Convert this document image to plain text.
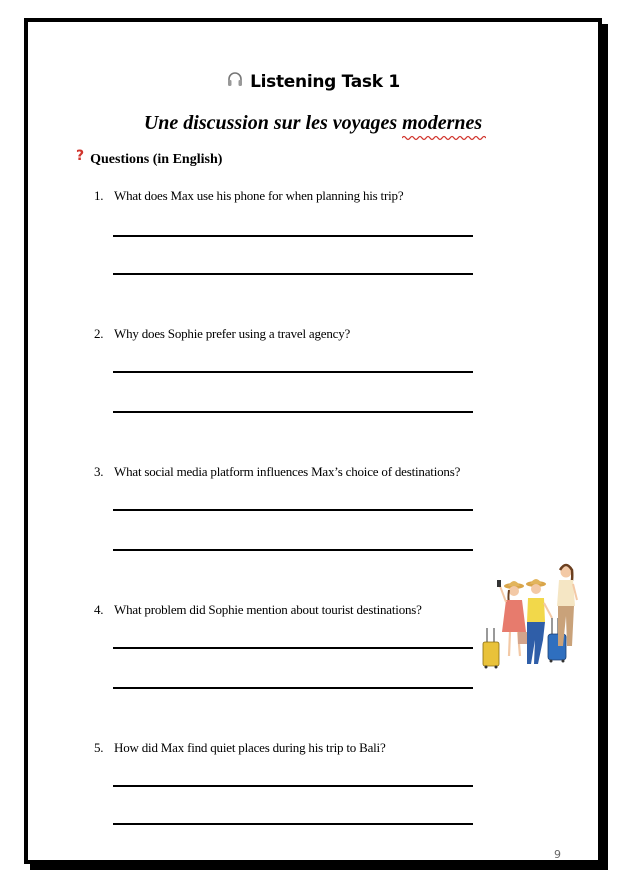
Listening Task 1
Une discussion sur les voyages modernes
? Questions (in English)
1. What does Max use his phone for when planning his trip?
2. Why does Sophie prefer using a travel agency?
3. What social media platform influences Max’s choice of destinations?
4. What problem did Sophie mention about tourist destinations?
5. How did Max find quiet places during his trip to Bali?
9
